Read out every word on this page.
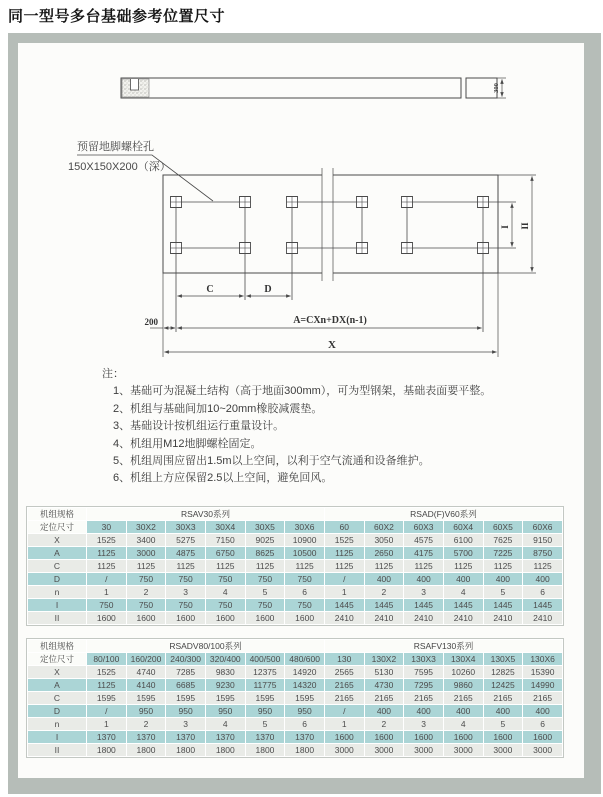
同一型号多台基础参考位置尺寸
300
预留地脚螺栓孔
150X150X200（深）
C	D
200	A=CXn+DX(n-1)
X
I II
注：
1、基础可为混凝土结构（高于地面300mm），可为型钢架，基础表面要平整。
2、机组与基础间加10~20mm橡胶减震垫。
3、基础设计按机组运行重量设计。
4、机组用M12地脚螺栓固定。
5、机组周围应留出1.5m以上空间，以利于空气流通和设备维护。
6、机组上方应保留2.5以上空间，避免回风。
机组规格	RSAV30系列						RSAD(F)V60系列					
定位尺寸	30	30X2	30X3	30X4	30X5	30X6	60	60X2	60X3	60X4	60X5	60X6
X	1525	3400	5275	7150	9025	10900	1525	3050	4575	6100	7625	9150
A	1125	3000	4875	6750	8625	10500	1125	2650	4175	5700	7225	8750
C	1125	1125	1125	1125	1125	1125	1125	1125	1125	1125	1125	1125
D	/	750	750	750	750	750	/	400	400	400	400	400
n	1	2	3	4	5	6	1	2	3	4	5	6
I	750	750	750	750	750	750	1445	1445	1445	1445	1445	1445
II	1600	1600	1600	1600	1600	1600	2410	2410	2410	2410	2410	2410
机组规格	RSADV80/100系列						RSAFV130系列					
定位尺寸	80/100	160/200	240/300	320/400	400/500	480/600	130	130X2	130X3	130X4	130X5	130X6
X	1525	4740	7285	9830	12375	14920	2565	5130	7595	10260	12825	15390
A	1125	4140	6685	9230	11775	14320	2165	4730	7295	9860	12425	14990
C	1595	1595	1595	1595	1595	1595	2165	2165	2165	2165	2165	2165
D	/	950	950	950	950	950	/	400	400	400	400	400
n	1	2	3	4	5	6	1	2	3	4	5	6
I	1370	1370	1370	1370	1370	1370	1600	1600	1600	1600	1600	1600
II	1800	1800	1800	1800	1800	1800	3000	3000	3000	3000	3000	3000
